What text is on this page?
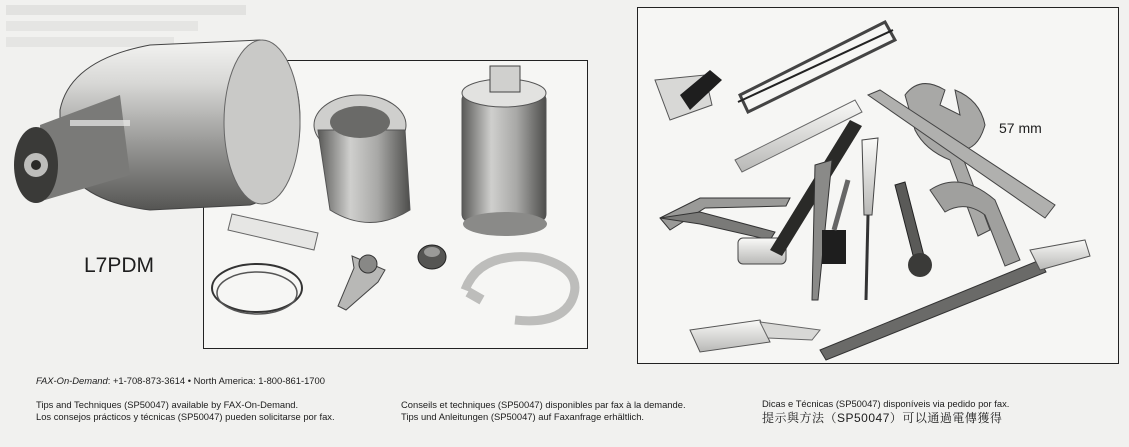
L7PDM
57 mm
FAX-On-Demand: +1-708-873-3614 • North America: 1-800-861-1700
Tips and Techniques (SP50047) available by FAX-On-Demand.
Los consejos prácticos y técnicas (SP50047) pueden solicitarse por fax.
Conseils et techniques (SP50047) disponibles par fax à la demande.
Tips und Anleitungen (SP50047) auf Faxanfrage erhältlich.
Dicas e Técnicas (SP50047) disponíveis via pedido por fax.
提示與方法（SP50047）可以通過電傳獲得
